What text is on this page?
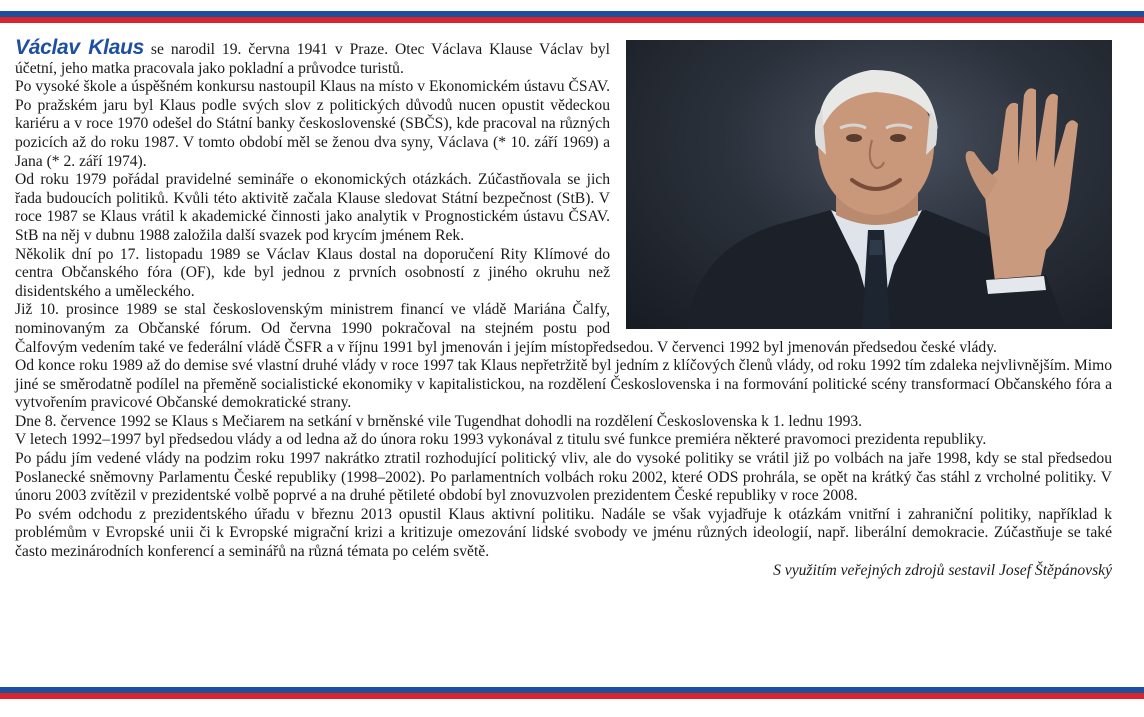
Václav Klaus se narodil 19. června 1941 v Praze. Otec Václava Klause Václav byl účetní, jeho matka pracovala jako pokladní a průvodce turistů.

Po vysoké škole a úspěšném konkursu nastoupil Klaus na místo v Ekonomickém ústavu ČSAV. Po pražském jaru byl Klaus podle svých slov z politických důvodů nucen opustit vědeckou kariéru a v roce 1970 odešel do Státní banky československé (SBČS), kde pracoval na různých pozicích až do roku 1987. V tomto období měl se ženou dva syny, Václava (* 10. září 1969) a Jana (* 2. září 1974).

Od roku 1979 pořádal pravidelné semináře o ekonomických otázkách. Zúčastňovala se jich řada budoucích politiků. Kvůli této aktivitě začala Klause sledovat Státní bezpečnost (StB). V roce 1987 se Klaus vrátil k akademické činnosti jako analytik v Prognostickém ústavu ČSAV. StB na něj v dubnu 1988 založila další svazek pod krycím jménem Rek.

Několik dní po 17. listopadu 1989 se Václav Klaus dostal na doporučení Rity Klímové do centra Občanského fóra (OF), kde byl jednou z prvních osobností z jiného okruhu než disidentského a uměleckého.

Již 10. prosince 1989 se stal československým ministrem financí ve vládě Mariána Čalfy, nominovaným za Občanské fórum. Od června 1990 pokračoval na stejném postu pod Čalfovým vedením také ve federální vládě ČSFR a v říjnu 1991 byl jmenován i jejím místopředsedou. V červenci 1992 byl jmenován předsedou české vlády.

Od konce roku 1989 až do demise své vlastní druhé vlády v roce 1997 tak Klaus nepřetržitě byl jedním z klíčových členů vlády, od roku 1992 tím zdaleka nejvlivnějším. Mimo jiné se směrodatně podílel na přeměně socialistické ekonomiky v kapitalistickou, na rozdělení Československa i na formování politické scény transformací Občanského fóra a vytvořením pravicové Občanské demokratické strany.

Dne 8. července 1992 se Klaus s Mečiarem na setkání v brněnské vile Tugendhat dohodli na rozdělení Československa k 1. lednu 1993.

V letech 1992–1997 byl předsedou vlády a od ledna až do února roku 1993 vykonával z titulu své funkce premiéra některé pravomoci prezidenta republiky.

Po pádu jím vedené vlády na podzim roku 1997 nakrátko ztratil rozhodující politický vliv, ale do vysoké politiky se vrátil již po volbách na jaře 1998, kdy se stal předsedou Poslanecké sněmovny Parlamentu České republiky (1998–2002). Po parlamentních volbách roku 2002, které ODS prohrála, se opět na krátký čas stáhl z vrcholné politiky. V únoru 2003 zvítězil v prezidentské volbě poprvé a na druhé pětileté období byl znovuzvolen prezidentem České republiky v roce 2008.

Po svém odchodu z prezidentského úřadu v březnu 2013 opustil Klaus aktivní politiku. Nadále se však vyjadřuje k otázkám vnitřní i zahraniční politiky, například k problémům v Evropské unii či k Evropské migrační krizi a kritizuje omezování lidské svobody ve jménu různých ideologií, např. liberální demokracie. Zúčastňuje se také často mezinárodních konferencí a seminářů na různá témata po celém světě.

S využitím veřejných zdrojů sestavil Josef Štěpánovský
